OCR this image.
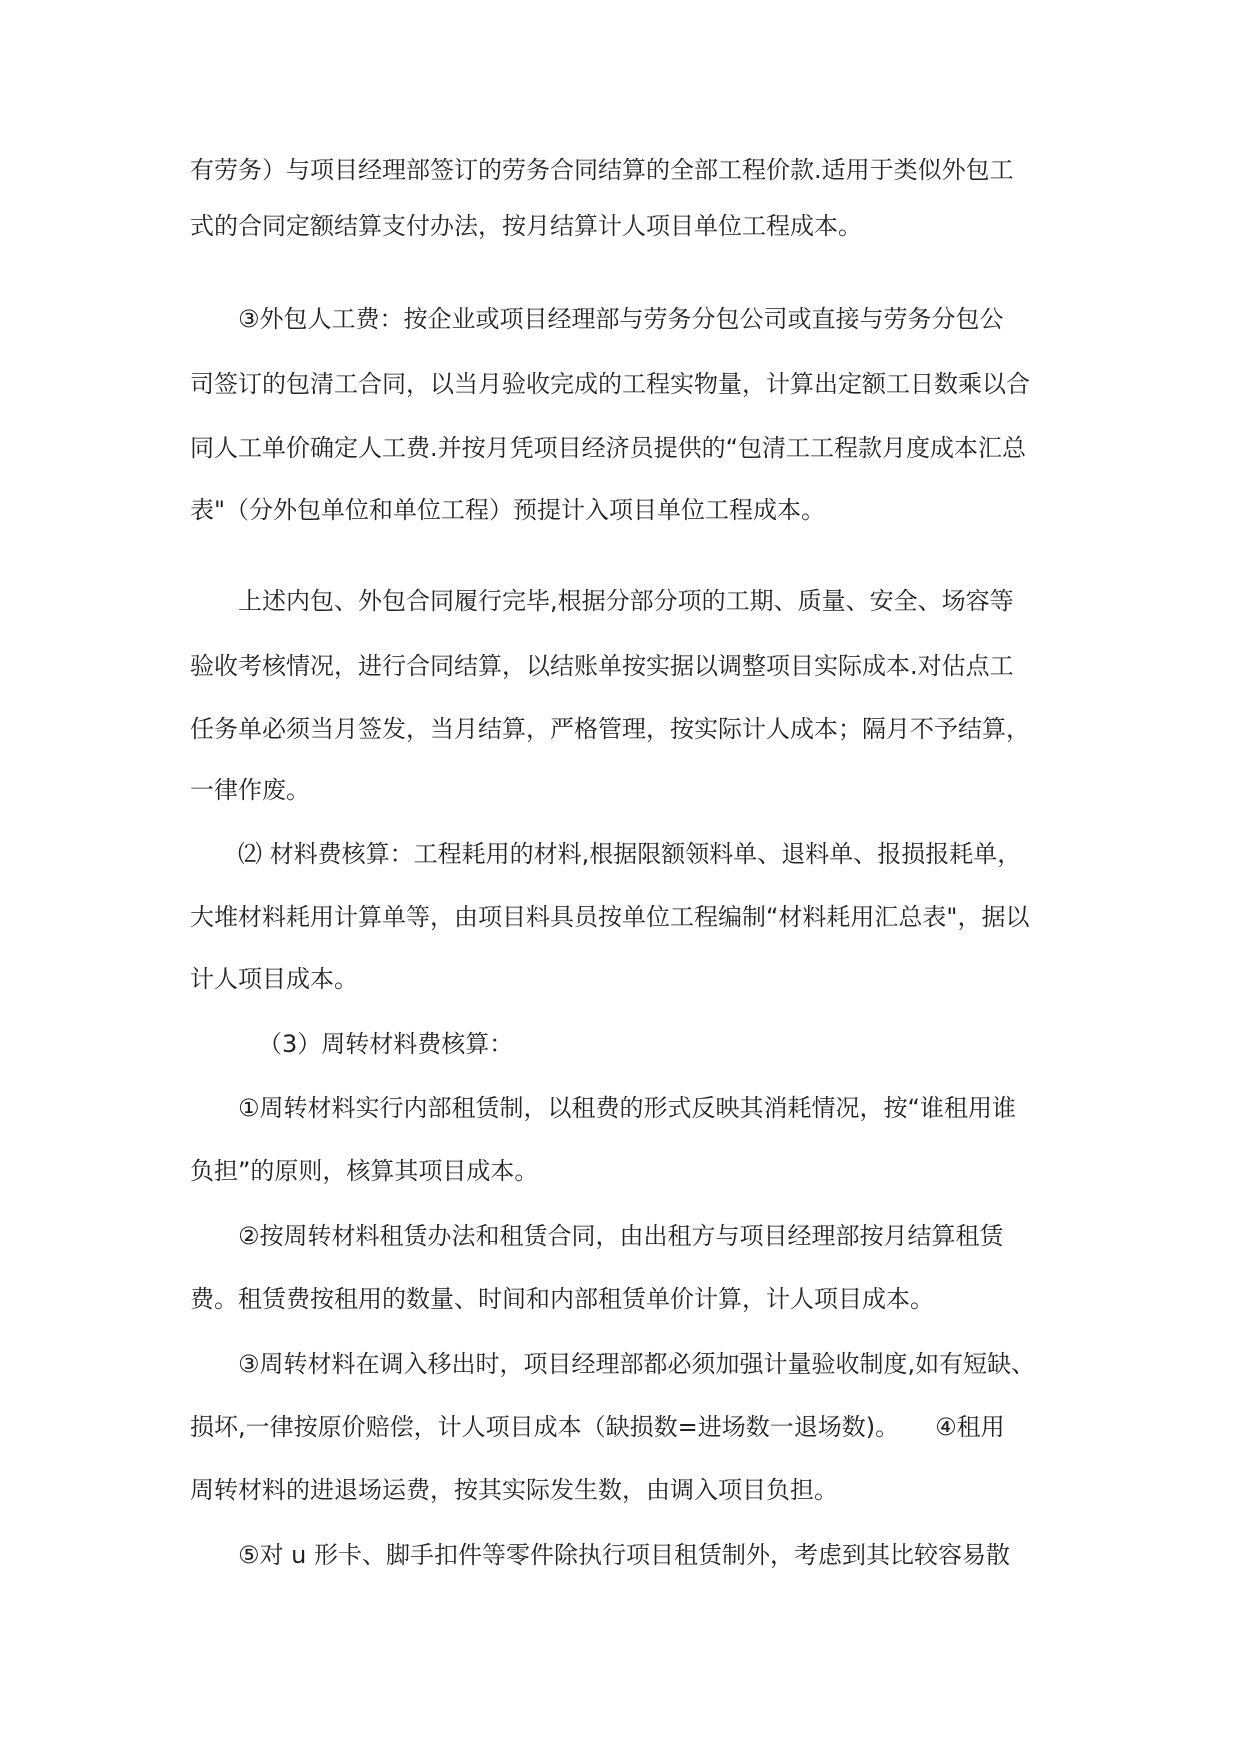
有劳务）与项目经理部签订的劳务合同结算的全部工程价款.适用于类似外包工
式的合同定额结算支付办法，按月结算计人项目单位工程成本。
③外包人工费：按企业或项目经理部与劳务分包公司或直接与劳务分包公
司签订的包清工合同，以当月验收完成的工程实物量，计算出定额工日数乘以合
同人工单价确定人工费.并按月凭项目经济员提供的“包清工工程款月度成本汇总
表"（分外包单位和单位工程）预提计入项目单位工程成本。
上述内包、外包合同履行完毕,根据分部分项的工期、质量、安全、场容等
验收考核情况，进行合同结算，以结账单按实据以调整项目实际成本.对估点工
任务单必须当月签发，当月结算，严格管理，按实际计人成本；隔月不予结算，
一律作废。
⑵ 材料费核算：工程耗用的材料,根据限额领料单、退料单、报损报耗单，
大堆材料耗用计算单等，由项目料具员按单位工程编制“材料耗用汇总表"，据以
计人项目成本。
（3）周转材料费核算：
①周转材料实行内部租赁制，以租费的形式反映其消耗情况，按“谁租用谁
负担”的原则，核算其项目成本。
②按周转材料租赁办法和租赁合同，由出租方与项目经理部按月结算租赁
费。租赁费按租用的数量、时间和内部租赁单价计算，计人项目成本。
③周转材料在调入移出时，项目经理部都必须加强计量验收制度,如有短缺、
损坏,一律按原价赔偿，计人项目成本（缺损数=进场数一退场数)。　　④租用
周转材料的进退场运费，按其实际发生数，由调入项目负担。
⑤对 u 形卡、脚手扣件等零件除执行项目租赁制外，考虑到其比较容易散
